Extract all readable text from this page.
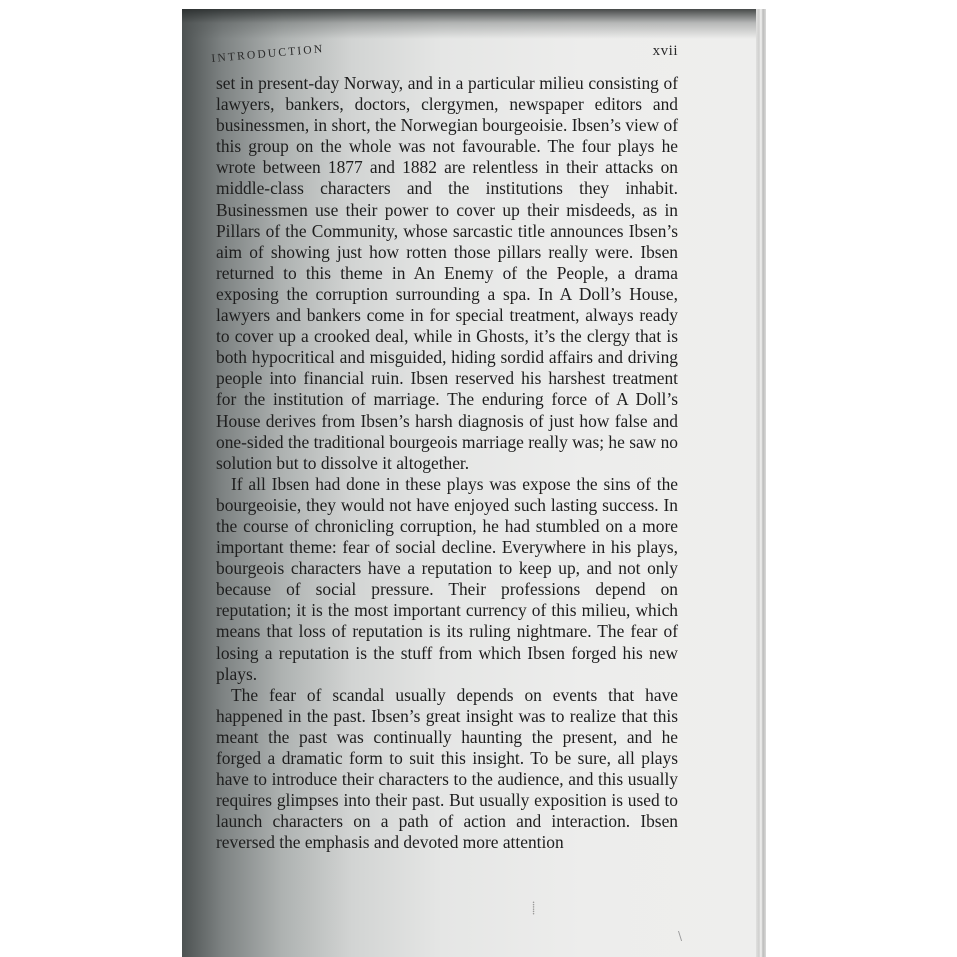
INTRODUCTION	xvii

set in present-day Norway, and in a particular milieu consisting of lawyers, bankers, doctors, clergymen, newspaper editors and businessmen, in short, the Norwegian bourgeoisie. Ibsen’s view of this group on the whole was not favourable. The four plays he wrote between 1877 and 1882 are relentless in their attacks on middle-class characters and the institutions they inhabit. Businessmen use their power to cover up their misdeeds, as in Pillars of the Community, whose sarcastic title announces Ibsen’s aim of showing just how rotten those pillars really were. Ibsen returned to this theme in An Enemy of the People, a drama exposing the corruption surrounding a spa. In A Doll’s House, lawyers and bankers come in for special treatment, always ready to cover up a crooked deal, while in Ghosts, it’s the clergy that is both hypocritical and misguided, hiding sordid affairs and driving people into financial ruin. Ibsen reserved his harshest treatment for the institution of marriage. The enduring force of A Doll’s House derives from Ibsen’s harsh diagnosis of just how false and one-sided the traditional bourgeois marriage really was; he saw no solution but to dissolve it altogether.

If all Ibsen had done in these plays was expose the sins of the bourgeoisie, they would not have enjoyed such lasting success. In the course of chronicling corruption, he had stumbled on a more important theme: fear of social decline. Everywhere in his plays, bourgeois characters have a reputation to keep up, and not only because of social pressure. Their professions depend on reputation; it is the most important currency of this milieu, which means that loss of reputation is its ruling nightmare. The fear of losing a reputation is the stuff from which Ibsen forged his new plays.

The fear of scandal usually depends on events that have happened in the past. Ibsen’s great insight was to realize that this meant the past was continually haunting the present, and he forged a dramatic form to suit this insight. To be sure, all plays have to introduce their characters to the audience, and this usually requires glimpses into their past. But usually exposition is used to launch characters on a path of action and interaction. Ibsen reversed the emphasis and devoted more attention

⸽
\
